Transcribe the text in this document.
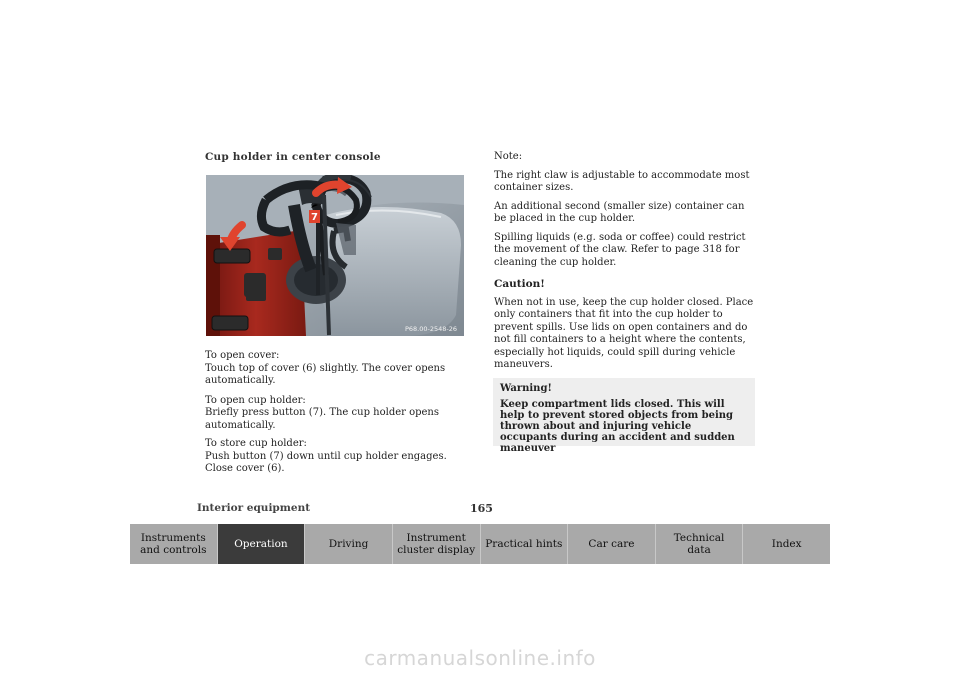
Cup holder in center console
7
P68.00-2548-26

To open cover:

Touch top of cover (6) slightly. The cover opens automatically.

To open cup holder:

Briefly press button (7). The cup holder opens automatically.

To store cup holder:

Push button (7) down until cup holder engages. Close cover (6).

Note:

The right claw is adjustable to accommodate most container sizes.

An additional second (smaller size) container can be placed in the cup holder.

Spilling liquids (e.g. soda or coffee) could restrict the movement of the claw. Refer to page 318 for cleaning the cup holder.

Caution!

When not in use, keep the cup holder closed. Place only containers that fit into the cup holder to prevent spills. Use lids on open containers and do not fill containers to a height where the contents, especially hot liquids, could spill during vehicle maneuvers.

Warning!
Keep compartment lids closed. This will help to prevent stored objects from being thrown about and injuring vehicle occupants during an accident and sudden maneuver
Interior equipment	165
Instruments
and controls	Operation	Driving	Instrument
cluster display Practical hints	Car care	Technical
data	Index
carmanualsonline.info
